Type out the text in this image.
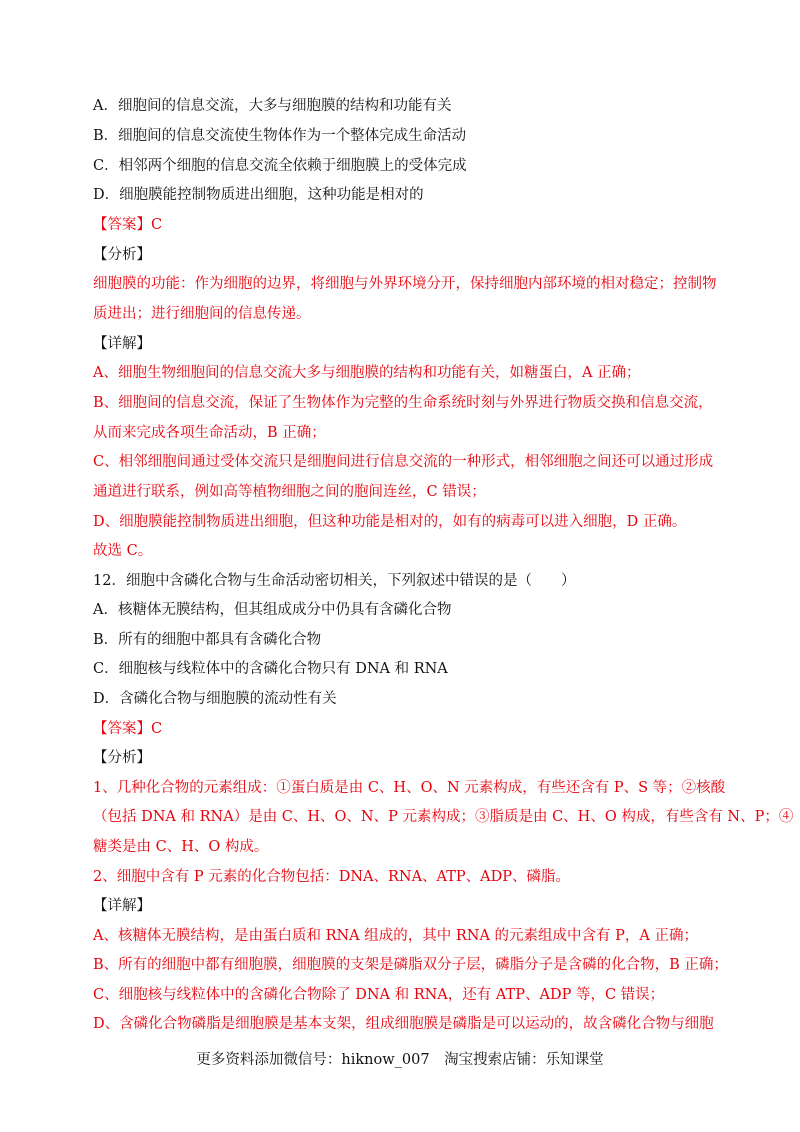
A．细胞间的信息交流，大多与细胞膜的结构和功能有关
B．细胞间的信息交流使生物体作为一个整体完成生命活动
C．相邻两个细胞的信息交流全依赖于细胞膜上的受体完成
D．细胞膜能控制物质进出细胞，这种功能是相对的
【答案】C
【分析】
细胞膜的功能：作为细胞的边界，将细胞与外界环境分开，保持细胞内部环境的相对稳定；控制物
质进出；进行细胞间的信息传递。
【详解】
A、细胞生物细胞间的信息交流大多与细胞膜的结构和功能有关，如糖蛋白，A 正确；
B、细胞间的信息交流，保证了生物体作为完整的生命系统时刻与外界进行物质交换和信息交流，
从而来完成各项生命活动，B 正确；
C、相邻细胞间通过受体交流只是细胞间进行信息交流的一种形式，相邻细胞之间还可以通过形成
通道进行联系，例如高等植物细胞之间的胞间连丝，C 错误；
D、细胞膜能控制物质进出细胞，但这种功能是相对的，如有的病毒可以进入细胞，D 正确。
故选 C。
12．细胞中含磷化合物与生命活动密切相关，下列叙述中错误的是（　　）
A．核糖体无膜结构，但其组成成分中仍具有含磷化合物
B．所有的细胞中都具有含磷化合物
C．细胞核与线粒体中的含磷化合物只有 DNA 和 RNA
D．含磷化合物与细胞膜的流动性有关
【答案】C
【分析】
1、几种化合物的元素组成：①蛋白质是由 C、H、O、N 元素构成，有些还含有 P、S 等；②核酸
（包括 DNA 和 RNA）是由 C、H、O、N、P 元素构成；③脂质是由 C、H、O 构成，有些含有 N、P；④
糖类是由 C、H、O 构成。
2、细胞中含有 P 元素的化合物包括：DNA、RNA、ATP、ADP、磷脂。
【详解】
A、核糖体无膜结构，是由蛋白质和 RNA 组成的，其中 RNA 的元素组成中含有 P，A 正确；
B、所有的细胞中都有细胞膜，细胞膜的支架是磷脂双分子层，磷脂分子是含磷的化合物，B 正确；
C、细胞核与线粒体中的含磷化合物除了 DNA 和 RNA，还有 ATP、ADP 等，C 错误；
D、含磷化合物磷脂是细胞膜是基本支架，组成细胞膜是磷脂是可以运动的，故含磷化合物与细胞
更多资料添加微信号：hiknow_007　淘宝搜索店铺：乐知课堂
